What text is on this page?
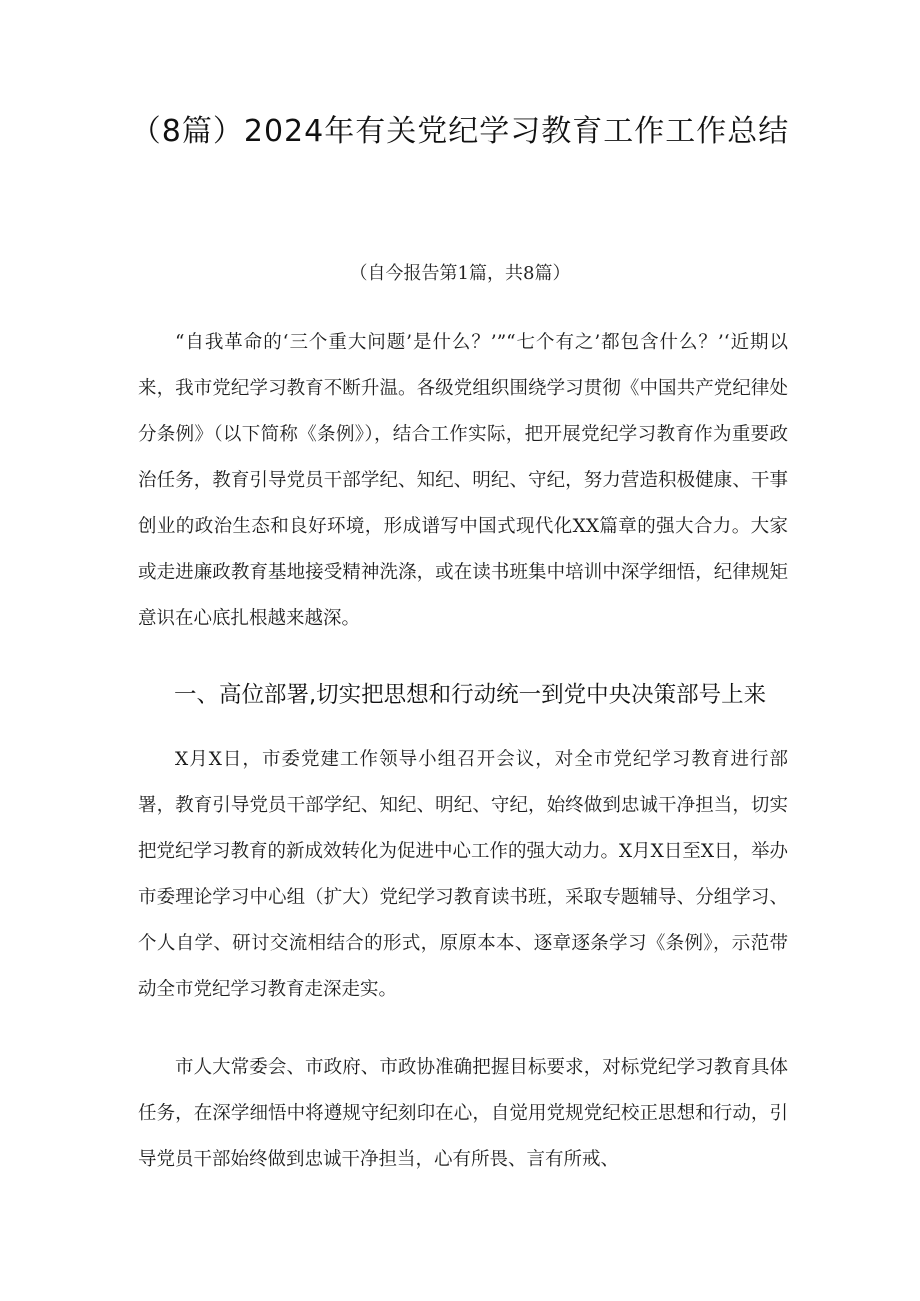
（8篇）2024年有关党纪学习教育工作工作总结
（自今报告第1篇，共8篇）

“自我革命的‘三个重大问题’是什么？’”“七个有之’都包含什么？’‘近期以来，我市党纪学习教育不断升温。各级党组织围绕学习贯彻《中国共产党纪律处分条例》（以下简称《条例》），结合工作实际，把开展党纪学习教育作为重要政治任务，教育引导党员干部学纪、知纪、明纪、守纪，努力营造积极健康、干事创业的政治生态和良好环境，形成谱写中国式现代化XX篇章的强大合力。大家或走进廉政教育基地接受精神洗涤，或在读书班集中培训中深学细悟，纪律规矩意识在心底扎根越来越深。

一、高位部署,切实把思想和行动统一到党中央决策部号上来

X月X日，市委党建工作领导小组召开会议，对全市党纪学习教育进行部署，教育引导党员干部学纪、知纪、明纪、守纪，始终做到忠诚干净担当，切实把党纪学习教育的新成效转化为促进中心工作的强大动力。X月X日至X日，举办市委理论学习中心组（扩大）党纪学习教育读书班，采取专题辅导、分组学习、个人自学、研讨交流相结合的形式，原原本本、逐章逐条学习《条例》，示范带动全市党纪学习教育走深走实。

市人大常委会、市政府、市政协准确把握目标要求，对标党纪学习教育具体任务，在深学细悟中将遵规守纪刻印在心，自觉用党规党纪校正思想和行动，引导党员干部始终做到忠诚干净担当，心有所畏、言有所戒、
